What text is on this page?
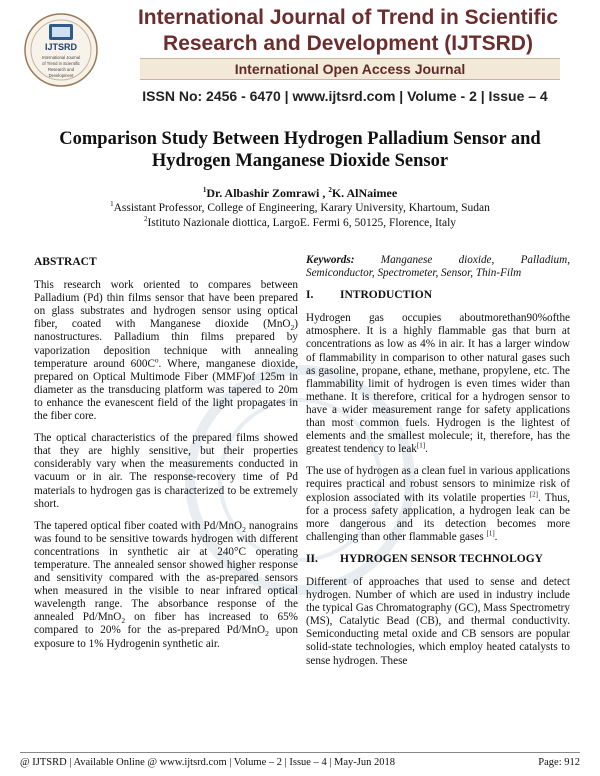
IJTSRD
International Journal
of Trend in Scientific
Research and
Development
International Journal of Trend in Scientific
Research and Development (IJTSRD)
International Open Access Journal
ISSN No: 2456 - 6470 | www.ijtsrd.com | Volume - 2 | Issue – 4
Comparison Study Between Hydrogen Palladium Sensor and
Hydrogen Manganese Dioxide Sensor
$^1$Dr. Albashir Zomrawi , $^2$K. AlNaimee
$^1$Assistant Professor, College of Engineering, Karary University, Khartoum, Sudan
$^2$Istituto Nazionale diottica, LargoE. Fermi 6, 50125, Florence, Italy
ABSTRACT

This research work oriented to compares between Palladium (Pd) thin films sensor that have been prepared on glass substrates and hydrogen sensor using optical fiber, coated with Manganese dioxide (MnO$_2$) nanostructures. Palladium thin films prepared by vaporization deposition technique with annealing temperature around $600C^o$. Where, manganese dioxide, prepared on Optical Multimode Fiber (MMF)of 125m in diameter as the transducing platform was tapered to 20m to enhance the evanescent field of the light propagates in the fiber core.

The optical characteristics of the prepared films showed that they are highly sensitive, but their properties considerably vary when the measurements conducted in vacuum or in air. The response-recovery time of Pd materials to hydrogen gas is characterized to be extremely short.

The tapered optical fiber coated with Pd/MnO$_2$ nanograins was found to be sensitive towards hydrogen with different concentrations in synthetic air at 240°C operating temperature. The annealed sensor showed higher response and sensitivity compared with the as-prepared sensors when measured in the visible to near infrared optical wavelength range. The absorbance response of the annealed Pd/MnO$_2$ on fiber has increased to 65% compared to 20% for the as-prepared Pd/MnO$_2$ upon exposure to 1% Hydrogenin synthetic air.

Keywords: Manganese dioxide, Palladium, Semiconductor, Spectrometer, Sensor, Thin-Film

I.	INTRODUCTION

Hydrogen gas occupies aboutmorethan90%ofthe atmosphere. It is a highly flammable gas that burn at concentrations as low as 4% in air. It has a larger window of flammability in comparison to other natural gases such as gasoline, propane, ethane, methane, propylene, etc. The flammability limit of hydrogen is even times wider than methane. It is therefore, critical for a hydrogen sensor to have a wider measurement range for safety applications than most common fuels. Hydrogen is the lightest of elements and the smallest molecule; it, therefore, has the greatest tendency to leak[1].

The use of hydrogen as a clean fuel in various applications requires practical and robust sensors to minimize risk of explosion associated with its volatile properties [2]. Thus, for a process safety application, a hydrogen leak can be more dangerous and its detection becomes more challenging than other flammable gases [1].

II.	HYDROGEN SENSOR TECHNOLOGY

Different of approaches that used to sense and detect hydrogen. Number of which are used in industry include the typical Gas Chromatography (GC), Mass Spectrometry (MS), Catalytic Bead (CB), and thermal conductivity. Semiconducting metal oxide and CB sensors are popular solid-state technologies, which employ heated catalysts to sense hydrogen. These

@ IJTSRD | Available Online @ www.ijtsrd.com | Volume – 2 | Issue – 4 | May-Jun 2018	Page: 912
